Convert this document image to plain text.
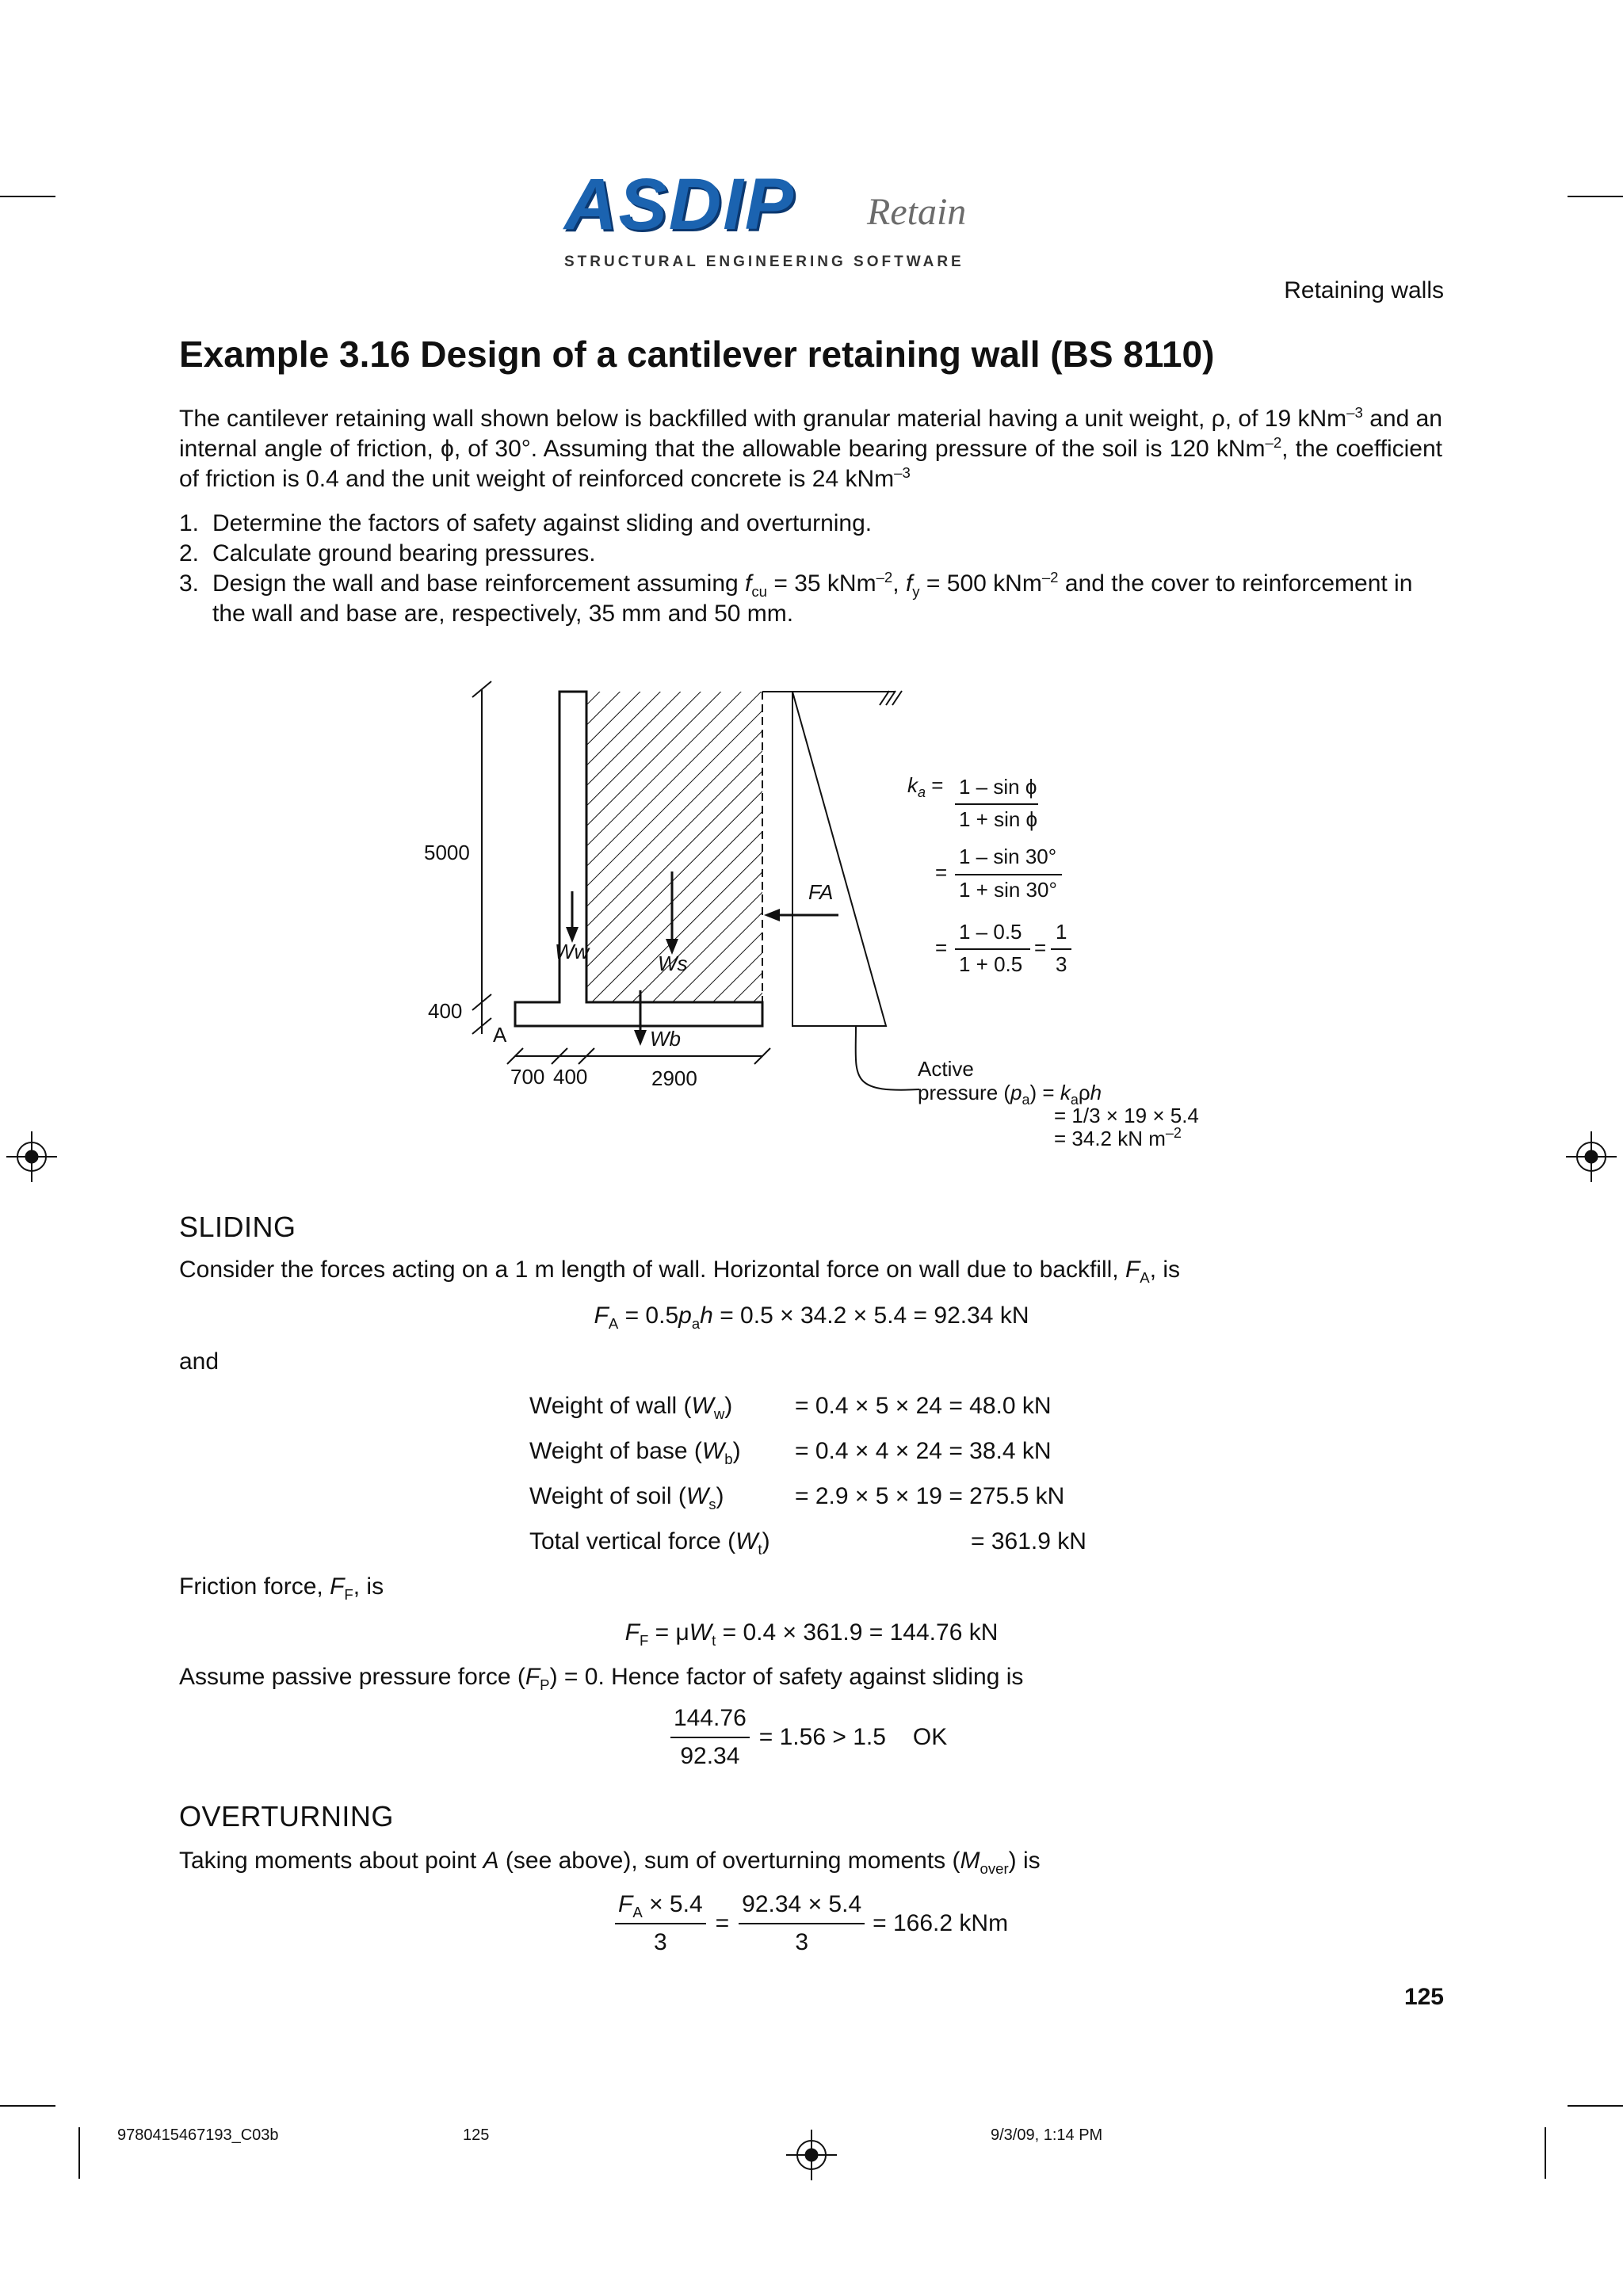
ASDIP Retain
STRUCTURAL ENGINEERING SOFTWARE
Retaining walls
Example 3.16 Design of a cantilever retaining wall (BS 8110)
The cantilever retaining wall shown below is backfilled with granular material having a unit weight, ρ, of 19 kNm$^{-3}$ and an internal angle of friction, ϕ, of 30°. Assuming that the allowable bearing pressure of the soil is 120 kNm$^{-2}$, the coefficient of friction is 0.4 and the unit weight of reinforced concrete is 24 kNm$^{-3}$
1. Determine the factors of safety against sliding and overturning.
2. Calculate ground bearing pressures.
3. Design the wall and base reinforcement assuming $f_{cu} = 35$ kNm$^{-2}$, $f_y = 500$ kNm$^{-2}$ and the cover to reinforcement in the wall and base are, respectively, 35 mm and 50 mm.
5000
400
A
700 400	2900
Ww	Ws
Wb
FA
$k_a = 1 - \sin \phi$
1 + sin ϕ
=
1 – sin 30°
1 + sin 30°
=
1 – 0.5
1 + 0.5
=
1
3
Active
pressure $(p_a) = k_a\rho h$
= 1/3 × 19 × 5.4
= 34.2 kN $m^{-2}$
SLIDING
Consider the forces acting on a 1 m length of wall. Horizontal force on wall due to backfill, $F_A$, is
$F_A = 0.5p_ah = 0.5 \times 34.2 \times 5.4 = 92.34$ kN
and
Weight of wall $(W_w)$	= 0.4 × 5 × 24 = 48.0 kN
Weight of base $(W_b)$	= 0.4 × 4 × 24 = 38.4 kN
Weight of soil $(W_s)$	= 2.9 × 5 × 19 = 275.5 kN
Total vertical force $(W_t)$	= 361.9 kN
Friction force, $F_F$, is
$F_F = \mu W_t = 0.4 \times 361.9 = 144.76$ kN
Assume passive pressure force $(F_P) = 0$. Hence factor of safety against sliding is
$\frac{144.76}{92.34} = 1.56 > 1.5$ OK
OVERTURNING
Taking moments about point A (see above), sum of overturning moments $(M_{over})$ is
$\frac{F_A \times 5.4}{3} = \frac{92.34 \times 5.4}{3} = 166.2$ kNm
125
9780415467193_C03b	125	9/3/09, 1:14 PM
